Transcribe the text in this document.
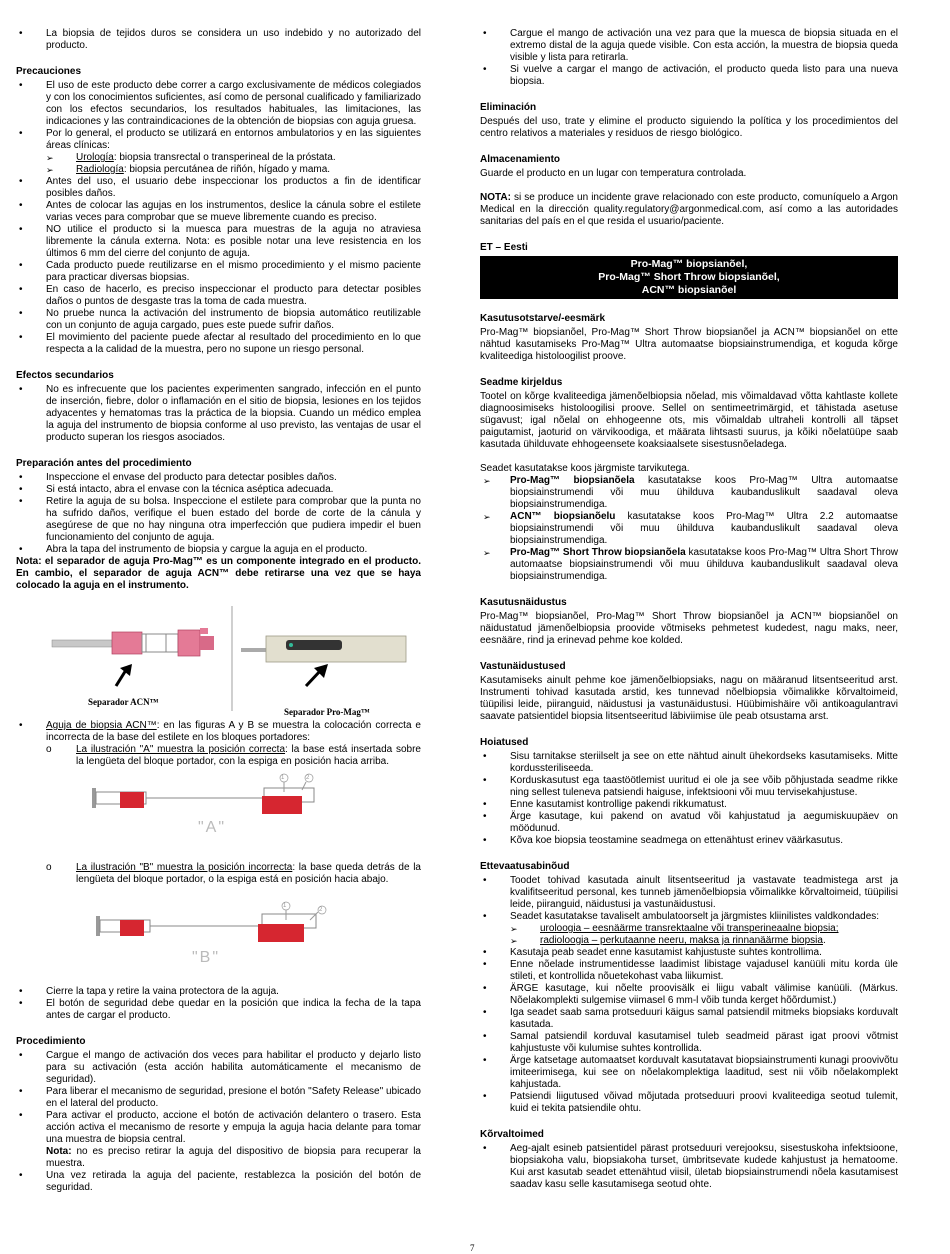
• La biopsia de tejidos duros se considera un uso indebido y no autorizado del producto.
Precauciones
• El uso de este producto debe correr a cargo exclusivamente de médicos colegiados y con los conocimientos suficientes, así como de personal cualificado y familiarizado con los efectos secundarios, los resultados habituales, las limitaciones, las indicaciones y las contraindicaciones de la obtención de biopsias con aguja gruesa.
• Por lo general, el producto se utilizará en entornos ambulatorios y en las siguientes áreas clínicas:
➢ Urología: biopsia transrectal o transperineal de la próstata.
➢ Radiología: biopsia percutánea de riñón, hígado y mama.
• Antes del uso, el usuario debe inspeccionar los productos a fin de identificar posibles daños.
• Antes de colocar las agujas en los instrumentos, deslice la cánula sobre el estilete varias veces para comprobar que se mueve libremente cuando es preciso.
• NO utilice el producto si la muesca para muestras de la aguja no atraviesa libremente la cánula externa. Nota: es posible notar una leve resistencia en los últimos 6 mm del cierre del conjunto de aguja.
• Cada producto puede reutilizarse en el mismo procedimiento y el mismo paciente para practicar diversas biopsias.
• En caso de hacerlo, es preciso inspeccionar el producto para detectar posibles daños o puntos de desgaste tras la toma de cada muestra.
• No pruebe nunca la activación del instrumento de biopsia automático reutilizable con un conjunto de aguja cargado, pues este puede sufrir daños.
• El movimiento del paciente puede afectar al resultado del procedimiento en lo que respecta a la calidad de la muestra, pero no supone un riesgo personal.
Efectos secundarios
• No es infrecuente que los pacientes experimenten sangrado, infección en el punto de inserción, fiebre, dolor o inflamación en el sitio de biopsia, lesiones en los tejidos adyacentes y hematomas tras la práctica de la biopsia. Cuando un médico emplea la aguja del instrumento de biopsia conforme al uso previsto, las ventajas de usar el producto superan los riesgos asociados.
Preparación antes del procedimiento
• Inspeccione el envase del producto para detectar posibles daños.
• Si está intacto, abra el envase con la técnica aséptica adecuada.
• Retire la aguja de su bolsa. Inspeccione el estilete para comprobar que la punta no ha sufrido daños, verifique el buen estado del borde de corte de la cánula y asegúrese de que no hay ninguna otra imperfección que pudiera impedir el buen funcionamiento del conjunto de aguja.
• Abra la tapa del instrumento de biopsia y cargue la aguja en el producto.

Nota: el separador de aguja Pro-Mag™ es un componente integrado en el producto. En cambio, el separador de aguja ACN™ debe retirarse una vez que se haya colocado la aguja en el instrumento.

Separador ACN™
Separador Pro-Mag™
• Aguja de biopsia ACN™: en las figuras A y B se muestra la colocación correcta e incorrecta de la base del estilete en los bloques portadores:
o La ilustración "A" muestra la posición correcta: la base está insertada sobre la lengüeta del bloque portador, con la espiga en posición hacia arriba.
1	2
"A"
o La ilustración "B" muestra la posición incorrecta: la base queda detrás de la lengüeta del bloque portador, o la espiga está en posición hacia abajo.
1
2
"B"
• Cierre la tapa y retire la vaina protectora de la aguja.
• El botón de seguridad debe quedar en la posición que indica la fecha de la tapa antes de cargar el producto.
Procedimiento
• Cargue el mango de activación dos veces para habilitar el producto y dejarlo listo para su activación (esta acción habilita automáticamente el mecanismo de seguridad).
• Para liberar el mecanismo de seguridad, presione el botón "Safety Release" ubicado en el lateral del producto.
• Para activar el producto, accione el botón de activación delantero o trasero. Esta acción activa el mecanismo de resorte y empuja la aguja hacia delante para tomar una muestra de biopsia central.
Nota: no es preciso retirar la aguja del dispositivo de biopsia para recuperar la muestra.
• Una vez retirada la aguja del paciente, restablezca la posición del botón de seguridad.
• Cargue el mango de activación una vez para que la muesca de biopsia situada en el extremo distal de la aguja quede visible. Con esta acción, la muestra de biopsia queda visible y lista para retirarla.
• Si vuelve a cargar el mango de activación, el producto queda listo para una nueva biopsia.
Eliminación

Después del uso, trate y elimine el producto siguiendo la política y los procedimientos del centro relativos a materiales y residuos de riesgo biológico.

Almacenamiento

Guarde el producto en un lugar con temperatura controlada.

NOTA: si se produce un incidente grave relacionado con este producto, comuníquelo a Argon Medical en la dirección quality.regulatory@argonmedical.com, así como a las autoridades sanitarias del país en el que resida el usuario/paciente.

ET – Eesti
Pro-Mag™ biopsianõel,
Pro-Mag™ Short Throw biopsianõel,
ACN™ biopsianõel
Kasutusotstarve/-eesmärk

Pro-Mag™ biopsianõel, Pro-Mag™ Short Throw biopsianõel ja ACN™ biopsianõel on ette nähtud kasutamiseks Pro-Mag™ Ultra automaatse biopsiainstrumendiga, et koguda kõrge kvaliteediga histoloogilist proove.

Seadme kirjeldus

Tootel on kõrge kvaliteediga jämenõelbiopsia nõelad, mis võimaldavad võtta kahtlaste kollete diagnoosimiseks histoloogilisi proove. Sellel on sentimeetrimärgid, et tähistada asetuse sügavust; igal nõelal on ehhogeenne ots, mis võimaldab ultraheli kontrolli all täpset paigutamist, jaoturid on värvikoodiga, et määrata lihtsasti suurus, ja kõiki nõelatüüpe saab kasutada ühilduvate ehhogeensete koaksiaalsete sisestusnõeladega.

Seadet kasutatakse koos järgmiste tarvikutega.

➢ Pro-Mag™ biopsianõela kasutatakse koos Pro-Mag™ Ultra automaatse biopsiainstrumendi või muu ühilduva kaubanduslikult saadaval oleva biopsiainstrumendiga.
➢ ACN™ biopsianõelu kasutatakse koos Pro-Mag™ Ultra 2.2 automaatse biopsiainstrumendi või muu ühilduva kaubanduslikult saadaval oleva biopsiainstrumendiga.
➢ Pro-Mag™ Short Throw biopsianõela kasutatakse koos Pro-Mag™ Ultra Short Throw automaatse biopsiainstrumendi või muu ühilduva kaubanduslikult saadaval oleva biopsiainstrumendiga.
Kasutusnäidustus

Pro-Mag™ biopsianõel, Pro-Mag™ Short Throw biopsianõel ja ACN™ biopsianõel on näidustatud jämenõelbiopsia proovide võtmiseks pehmetest kudedest, nagu maks, neer, eesnääre, rind ja erinevad pehme koe kolded.

Vastunäidustused

Kasutamiseks ainult pehme koe jämenõelbiopsiaks, nagu on määranud litsentseeritud arst. Instrumenti tohivad kasutada arstid, kes tunnevad nõelbiopsia võimalikke kõrvaltoimeid, tüüpilisi leide, piiranguid, näidustusi ja vastunäidustusi. Hüübimishäire või antikoagulantravi saavate patsientidel biopsia litsentseeritud läbiviimise üle peab otsustama arst.

Hoiatused
• Sisu tarnitakse steriilselt ja see on ette nähtud ainult ühekordseks kasutamiseks. Mitte kordussteriliseeda.
• Korduskasutust ega taastöötlemist uuritud ei ole ja see võib põhjustada seadme rikke ning sellest tuleneva patsiendi haiguse, infektsiooni või muu tervisekahjustuse.
• Enne kasutamist kontrollige pakendi rikkumatust.
• Ärge kasutage, kui pakend on avatud või kahjustatud ja aegumiskuupäev on möödunud.
• Kõva koe biopsia teostamine seadmega on ettenähtust erinev väärkasutus.
Ettevaatusabinõud
• Toodet tohivad kasutada ainult litsentseeritud ja vastavate teadmistega arst ja kvalifitseeritud personal, kes tunneb jämenõelbiopsia võimalikke kõrvaltoimeid, tüüpilisi leide, piiranguid, näidustusi ja vastunäidustusi.
• Seadet kasutatakse tavaliselt ambulatoorselt ja järgmistes kliinilistes valdkondades:
➢ uroloogia – eesnäärme transrektaalne või transperineaalne biopsia;
➢ radioloogia – perkutaanne neeru, maksa ja rinnanäärme biopsia.
• Kasutaja peab seadet enne kasutamist kahjustuste suhtes kontrollima.
• Enne nõelade instrumentidesse laadimist libistage vajadusel kanüüli mitu korda üle stileti, et kontrollida nõuetekohast vaba liikumist.
• ÄRGE kasutage, kui nõelte proovisälk ei liigu vabalt välimise kanüüli. (Märkus. Nõelakomplekti sulgemise viimasel 6 mm-l võib tunda kerget hõõrdumist.)
• Iga seadet saab sama protseduuri käigus samal patsiendil mitmeks biopsiaks korduvalt kasutada.
• Samal patsiendil korduval kasutamisel tuleb seadmeid pärast igat proovi võtmist kahjustuste või kulumise suhtes kontrollida.
• Ärge katsetage automaatset korduvalt kasutatavat biopsiainstrumenti kunagi proovivõtu imiteerimisega, kui see on nõelakomplektiga laaditud, sest nii võib nõelakomplekt kahjustada.
• Patsiendi liigutused võivad mõjutada protseduuri proovi kvaliteediga seotud tulemit, kuid ei tekita patsiendile ohtu.
Kõrvaltoimed
• Aeg-ajalt esineb patsientidel pärast protseduuri verejooksu, sisestuskoha infektsioone, biopsiakoha valu, biopsiakoha turset, ümbritsevate kudede kahjustust ja hematoome. Kui arst kasutab seadet ettenähtud viisil, ületab biopsiainstrumendi nõela kasutamisest saadav kasu selle kasutamisega seotud ohte.
7
